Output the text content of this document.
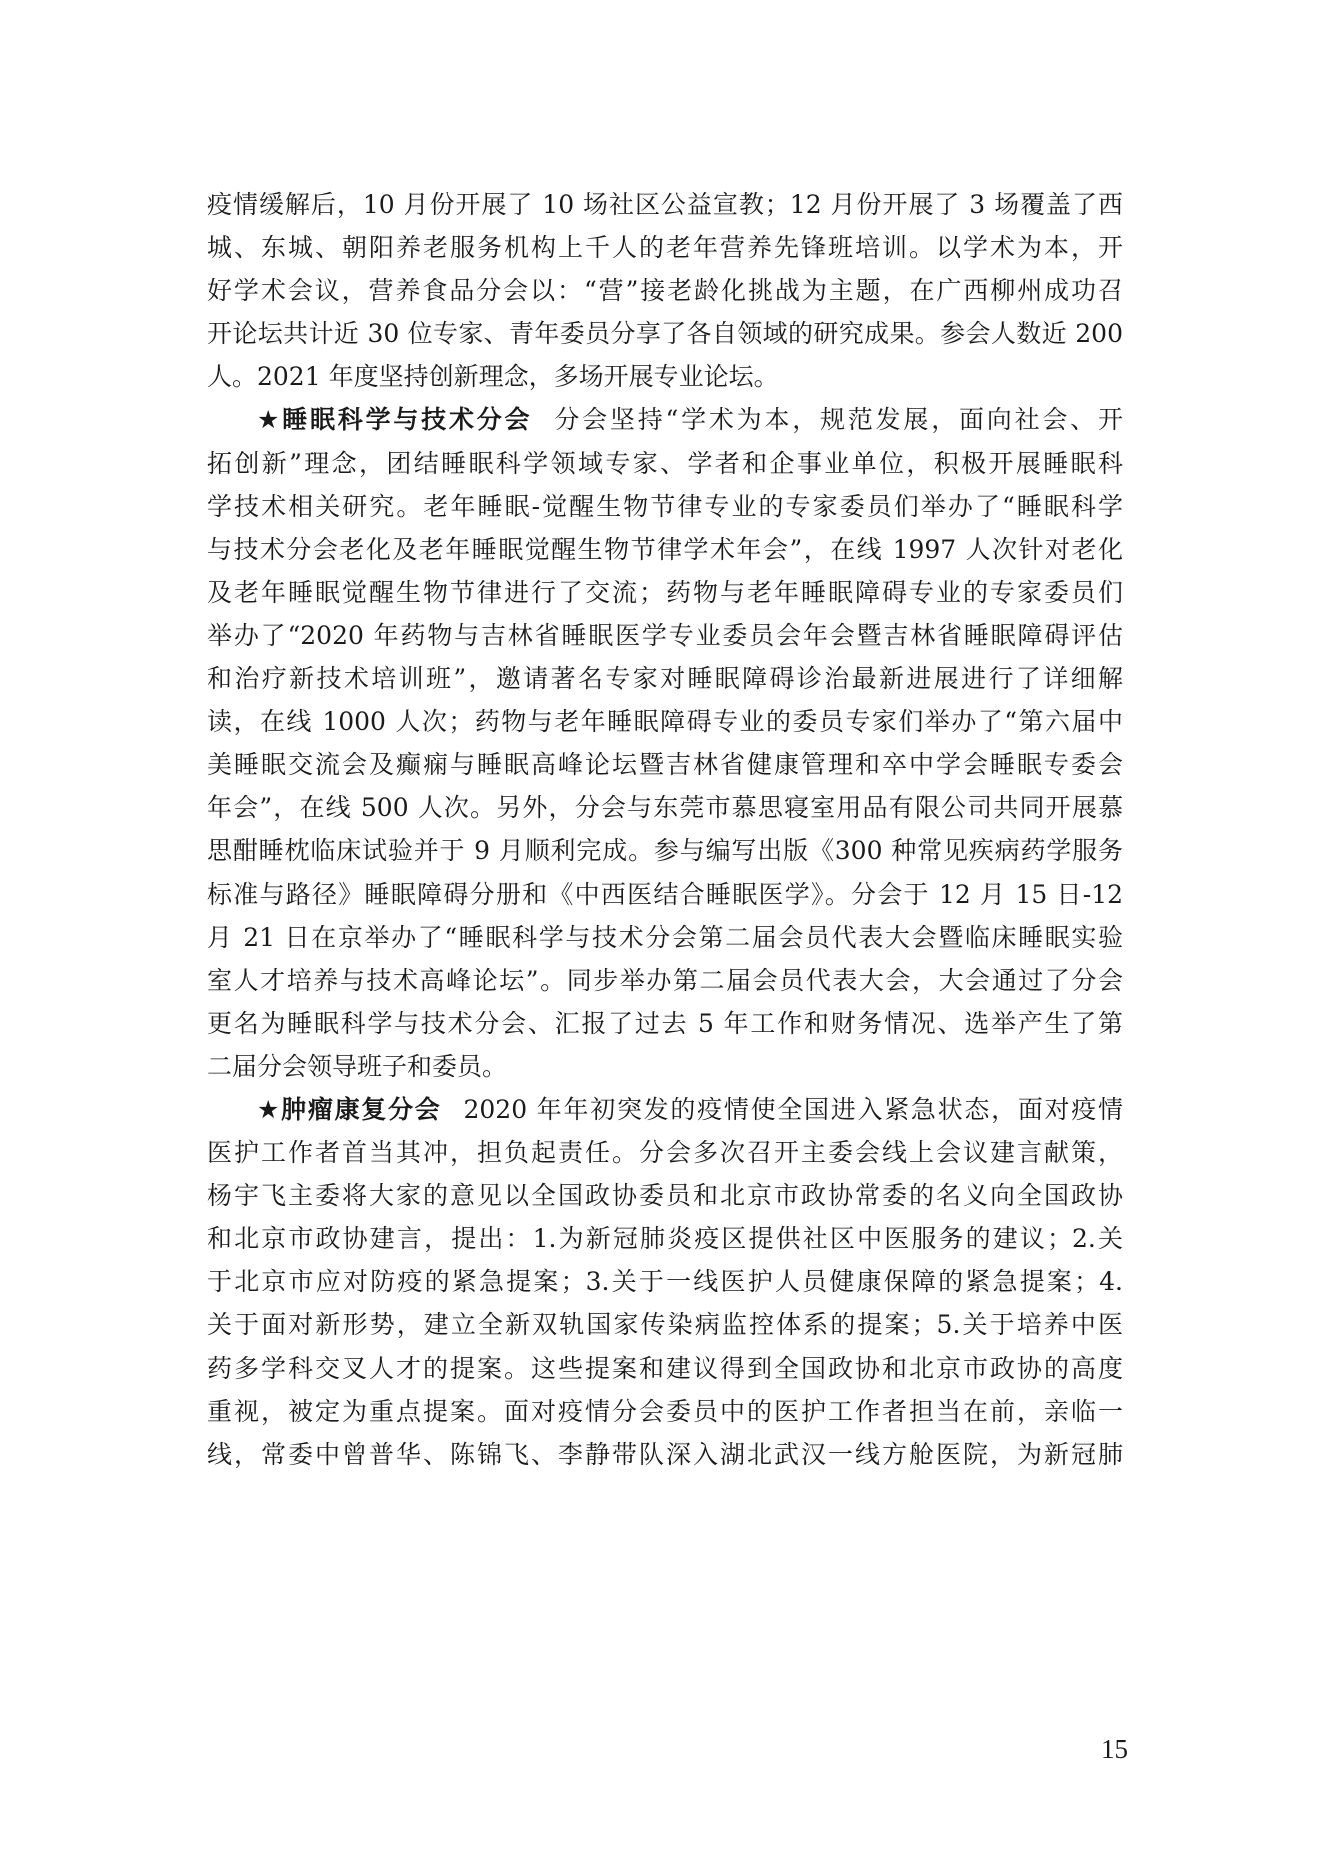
疫情缓解后，10 月份开展了 10 场社区公益宣教；12 月份开展了 3 场覆盖了西
城、东城、朝阳养老服务机构上千人的老年营养先锋班培训。以学术为本，开
好学术会议，营养食品分会以：“营”接老龄化挑战为主题，在广西柳州成功召
开论坛共计近 30 位专家、青年委员分享了各自领域的研究成果。参会人数近 200
人。2021 年度坚持创新理念，多场开展专业论坛。
★睡眠科学与技术分会 分会坚持“学术为本，规范发展，面向社会、开
拓创新”理念，团结睡眠科学领域专家、学者和企事业单位，积极开展睡眠科
学技术相关研究。老年睡眠-觉醒生物节律专业的专家委员们举办了“睡眠科学
与技术分会老化及老年睡眠觉醒生物节律学术年会”，在线 1997 人次针对老化
及老年睡眠觉醒生物节律进行了交流；药物与老年睡眠障碍专业的专家委员们
举办了“2020 年药物与吉林省睡眠医学专业委员会年会暨吉林省睡眠障碍评估
和治疗新技术培训班”，邀请著名专家对睡眠障碍诊治最新进展进行了详细解
读，在线 1000 人次；药物与老年睡眠障碍专业的委员专家们举办了“第六届中
美睡眠交流会及癫痫与睡眠高峰论坛暨吉林省健康管理和卒中学会睡眠专委会
年会”，在线 500 人次。另外，分会与东莞市慕思寝室用品有限公司共同开展慕
思酣睡枕临床试验并于 9 月顺利完成。参与编写出版《300 种常见疾病药学服务
标准与路径》睡眠障碍分册和《中西医结合睡眠医学》。分会于 12 月 15 日-12
月 21 日在京举办了“睡眠科学与技术分会第二届会员代表大会暨临床睡眠实验
室人才培养与技术高峰论坛”。同步举办第二届会员代表大会，大会通过了分会
更名为睡眠科学与技术分会、汇报了过去 5 年工作和财务情况、选举产生了第
二届分会领导班子和委员。
★肿瘤康复分会 2020 年年初突发的疫情使全国进入紧急状态，面对疫情
医护工作者首当其冲，担负起责任。分会多次召开主委会线上会议建言献策，
杨宇飞主委将大家的意见以全国政协委员和北京市政协常委的名义向全国政协
和北京市政协建言，提出：1.为新冠肺炎疫区提供社区中医服务的建议；2.关
于北京市应对防疫的紧急提案；3.关于一线医护人员健康保障的紧急提案；4.
关于面对新形势，建立全新双轨国家传染病监控体系的提案；5.关于培养中医
药多学科交叉人才的提案。这些提案和建议得到全国政协和北京市政协的高度
重视，被定为重点提案。面对疫情分会委员中的医护工作者担当在前，亲临一
线，常委中曾普华、陈锦飞、李静带队深入湖北武汉一线方舱医院，为新冠肺
15
